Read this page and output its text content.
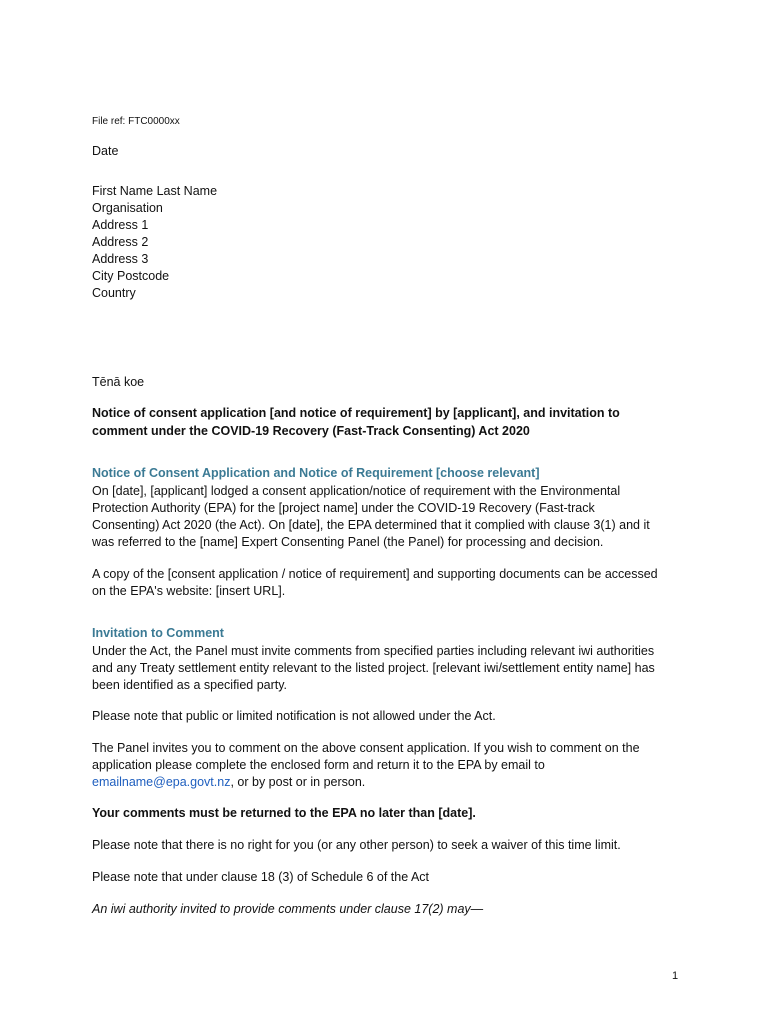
File ref: FTC0000xx
Date
First Name Last Name
Organisation
Address 1
Address 2
Address 3
City Postcode
Country
Tēnā koe
Notice of consent application [and notice of requirement] by [applicant], and invitation to
comment under the COVID-19 Recovery (Fast-Track Consenting) Act 2020
Notice of Consent Application and Notice of Requirement [choose relevant]
On [date], [applicant] lodged a consent application/notice of requirement with the Environmental
Protection Authority (EPA) for the [project name] under the COVID-19 Recovery (Fast-track
Consenting) Act 2020 (the Act). On [date], the EPA determined that it complied with clause 3(1) and it
was referred to the [name] Expert Consenting Panel (the Panel) for processing and decision.
A copy of the [consent application / notice of requirement] and supporting documents can be accessed
on the EPA's website: [insert URL].
Invitation to Comment
Under the Act, the Panel must invite comments from specified parties including relevant iwi authorities
and any Treaty settlement entity relevant to the listed project. [relevant iwi/settlement entity name] has
been identified as a specified party.
Please note that public or limited notification is not allowed under the Act.
The Panel invites you to comment on the above consent application. If you wish to comment on the
application please complete the enclosed form and return it to the EPA by email to
emailname@epa.govt.nz, or by post or in person.
Your comments must be returned to the EPA no later than [date].
Please note that there is no right for you (or any other person) to seek a waiver of this time limit.
Please note that under clause 18 (3) of Schedule 6 of the Act
An iwi authority invited to provide comments under clause 17(2) may—
1
